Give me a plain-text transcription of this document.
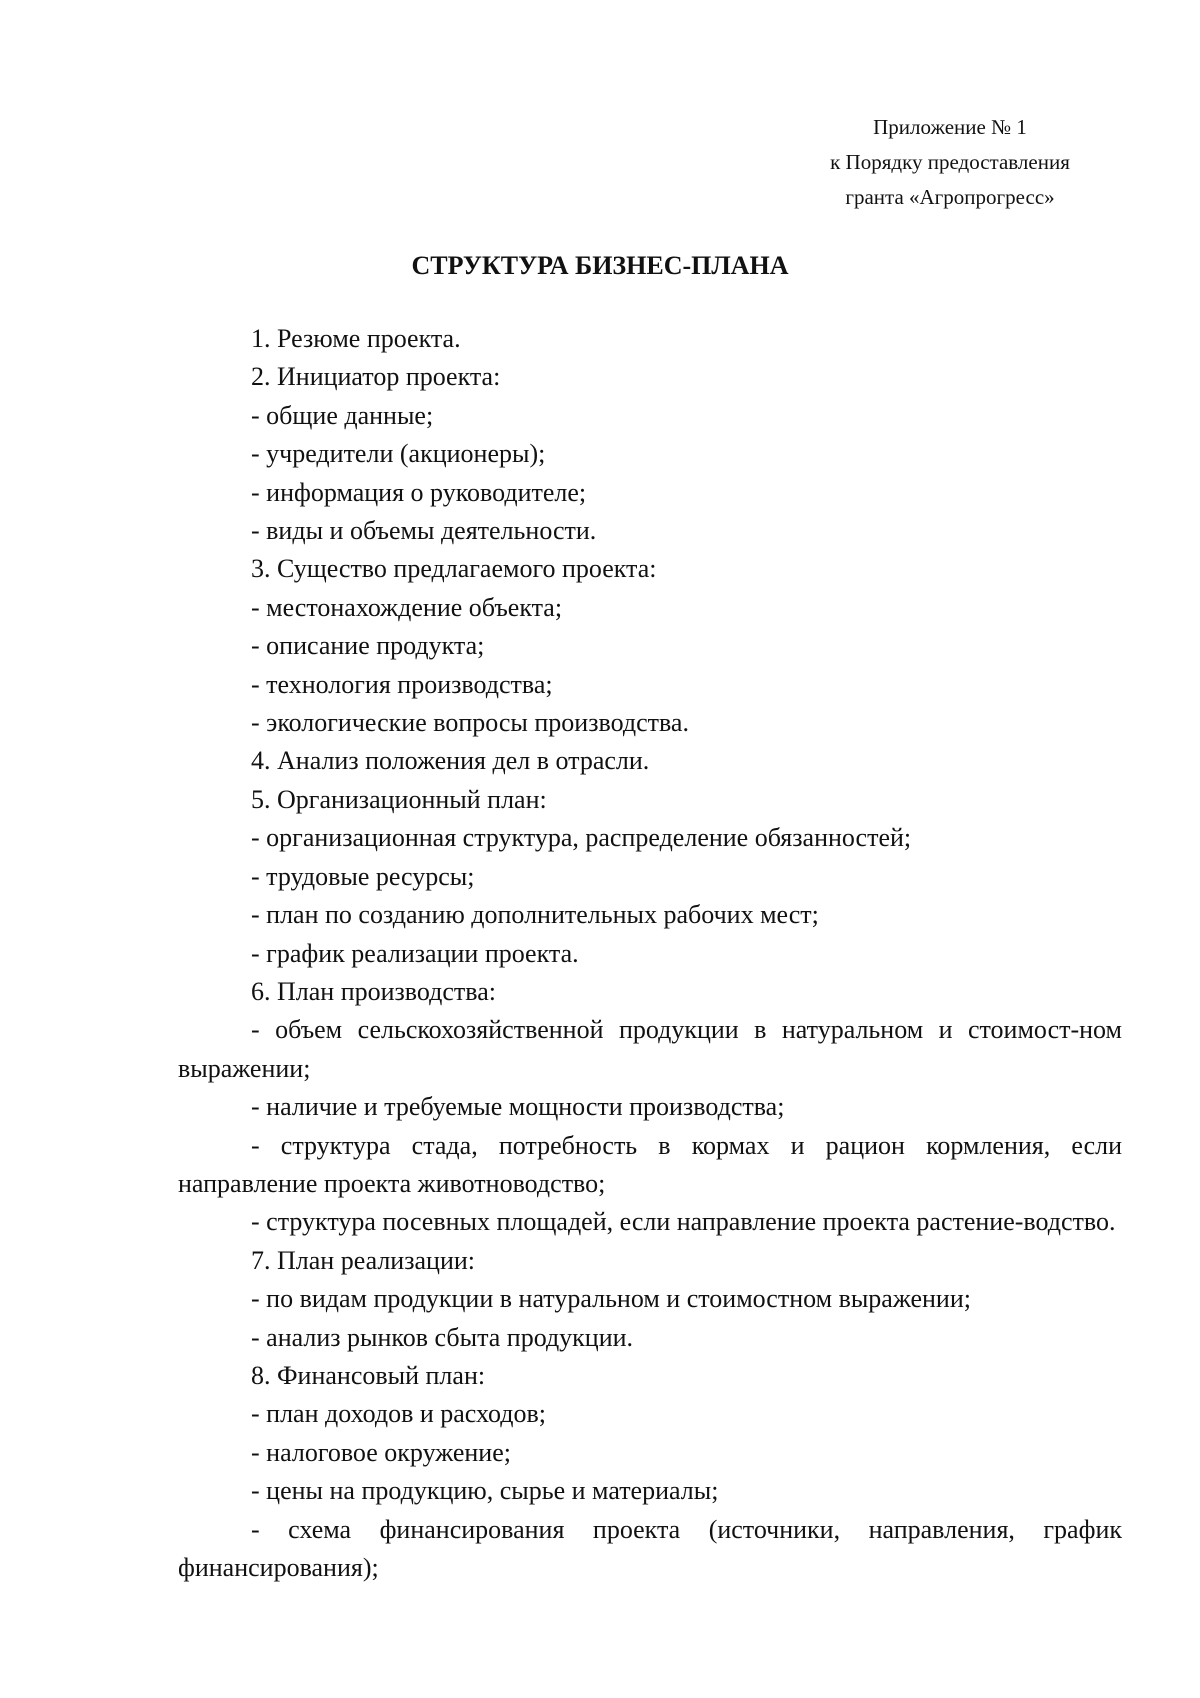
Приложение № 1
к Порядку предоставления
гранта «Агропрогресс»
СТРУКТУРА БИЗНЕС-ПЛАНА

1. Резюме проекта.

2. Инициатор проекта:

- общие данные;

- учредители (акционеры);

- информация о руководителе;

- виды и объемы деятельности.

3. Существо предлагаемого проекта:

- местонахождение объекта;

- описание продукта;

- технология производства;

- экологические вопросы производства.

4. Анализ положения дел в отрасли.

5. Организационный план:

- организационная структура, распределение обязанностей;

- трудовые ресурсы;

- план по созданию дополнительных рабочих мест;

- график реализации проекта.

6. План производства:

- объем сельскохозяйственной продукции в натуральном и стоимост-ном выражении;

- наличие и требуемые мощности производства;

- структура стада, потребность в кормах и рацион кормления, если направление проекта животноводство;

- структура посевных площадей, если направление проекта растение-водство.

7. План реализации:

- по видам продукции в натуральном и стоимостном выражении;

- анализ рынков сбыта продукции.

8. Финансовый план:

- план доходов и расходов;

- налоговое окружение;

- цены на продукцию, сырье и материалы;

- схема финансирования проекта (источники, направления, график финансирования);
